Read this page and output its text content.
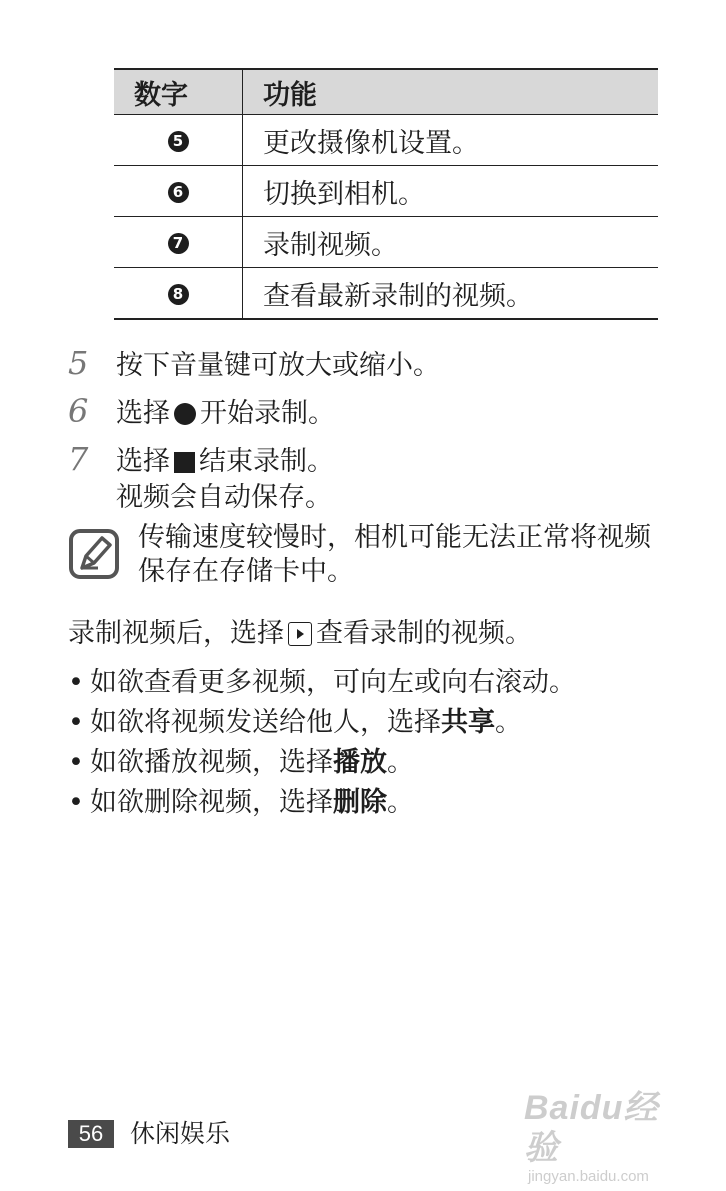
数字	功能
5	更改摄像机设置。
6	切换到相机。
7	录制视频。
8	查看最新录制的视频。
5 按下音量键可放大或缩小。
6 选择 开始录制。
7 选择 结束录制。
视频会自动保存。
传输速度较慢时，相机可能无法正常将视频保存在存储卡中。
录制视频后，选择 查看录制的视频。
• 如欲查看更多视频，可向左或向右滚动。
• 如欲将视频发送给他人，选择共享。
• 如欲播放视频，选择播放。
• 如欲删除视频，选择删除。
56	休闲娱乐
Baidu经验
jingyan.baidu.com
